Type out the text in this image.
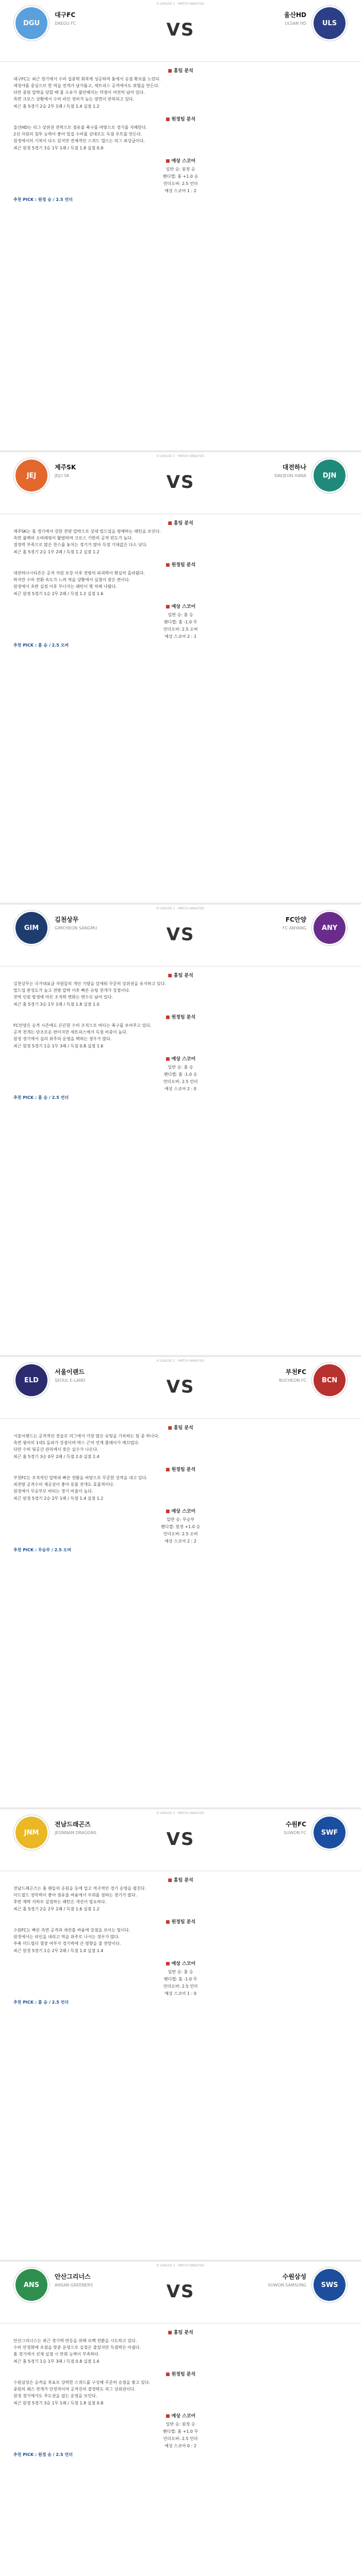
K LEAGUE 1 · MATCH ANALYSIS
DGU
대구FC
DAEGU FC	VS
울산HD
ULSAN HD	ULS
■ 홈팀 분석
대구FC는 최근 경기에서 수비 집중력 회복에 성공하며 홈에서 승점 확보를 노린다.
세징야를 중심으로 한 역습 전개가 날카롭고, 세트피스 공격에서도 위협을 만든다.
다만 중원 압박을 당할 때 볼 소유가 불안해지는 약점이 여전히 남아 있다.
측면 크로스 상황에서 수비 라인 정비가 늦는 장면이 반복되고 있다.
최근 홈 5경기 2승 2무 1패 / 득점 1.4 실점 1.2
■ 원정팀 분석
울산HD는 리그 상위권 전력으로 점유율 축구를 바탕으로 경기를 지배한다.
2선 자원의 침투 능력이 좋아 밀집 수비를 상대로도 득점 루트를 만든다.
원정에서의 기복이 다소 있지만 전체적인 스쿼드 뎁스는 리그 최상급이다.
최근 원정 5경기 3승 1무 1패 / 득점 1.8 실점 0.9
■ 예상 스코어
일반 승: 원정 승
핸디캡: 홈 +1.0 승
언더오버: 2.5 언더
예상 스코어 1 : 2
추천 PICK : 원정 승 / 2.5 언더
K LEAGUE 1 · MATCH ANALYSIS
JEJ
제주SK
JEJU SK	VS
대전하나
DAEJEON HANA	DJN
■ 홈팀 분석
제주SK는 홈 경기에서 강한 전방 압박으로 상대 빌드업을 방해하는 패턴을 보인다.
측면 풀백의 오버래핑이 활발하며 크로스 기반의 공격 빈도가 높다.
결정력 부족으로 많은 찬스를 놓치는 경기가 많아 득점 기대값은 다소 낮다.
최근 홈 5경기 2승 1무 2패 / 득점 1.2 실점 1.2
■ 원정팀 분석
대전하나시티즌은 공격 자원 보강 이후 전방의 파괴력이 확실히 올라왔다.
하지만 수비 전환 속도가 느려 역습 상황에서 실점이 잦은 편이다.
원정에서 초반 실점 이후 무너지는 패턴이 몇 차례 나왔다.
최근 원정 5경기 1승 2무 2패 / 득점 1.2 실점 1.6
■ 예상 스코어
일반 승: 홈 승
핸디캡: 홈 -1.0 무
언더오버: 2.5 오버
예상 스코어 2 : 1
추천 PICK : 홈 승 / 2.5 오버
K LEAGUE 1 · MATCH ANALYSIS
GIM
김천상무
GIMCHEON SANGMU	VS
FC안양
FC ANYANG	ANY
■ 홈팀 분석
김천상무는 국가대표급 자원들의 개인 기량을 앞세워 꾸준히 상위권을 유지하고 있다.
빌드업 완성도가 높고 전방 압박 이후 빠른 슈팅 전개가 강점이다.
전역 인원 발생에 따른 조직력 변화는 변수로 남아 있다.
최근 홈 5경기 3승 1무 1패 / 득점 1.8 실점 1.0
■ 원정팀 분석
FC안양은 승격 시즌에도 끈끈한 수비 조직으로 버티는 축구를 보여주고 있다.
공격 전개는 단조로운 편이지만 세트피스에서 득점 비중이 높다.
원정 경기에서 실리 위주의 운영을 택하는 경우가 많다.
최근 원정 5경기 1승 1무 3패 / 득점 0.8 실점 1.6
■ 예상 스코어
일반 승: 홈 승
핸디캡: 홈 -1.0 승
언더오버: 2.5 언더
예상 스코어 2 : 0
추천 PICK : 홈 승 / 2.5 언더
K LEAGUE 2 · MATCH ANALYSIS
ELD
서울이랜드
SEOUL E-LAND	VS
부천FC
BUCHEON FC	BCN
■ 홈팀 분석
서울이랜드는 공격적인 전술로 리그에서 가장 많은 슈팅을 기록하는 팀 중 하나다.
측면 윙어의 1대1 돌파가 강점이며 박스 근처 연계 플레이가 매끄럽다.
다만 수비 뒷공간 관리에서 잦은 실수가 나온다.
최근 홈 5경기 3승 0무 2패 / 득점 2.0 실점 1.4
■ 원정팀 분석
부천FC는 조직적인 압박과 빠른 전환을 바탕으로 꾸준한 성적을 내고 있다.
최전방 공격수의 제공권이 좋아 롱볼 전개도 효율적이다.
원정에서 무승부로 버티는 경기 비율이 높다.
최근 원정 5경기 2승 2무 1패 / 득점 1.4 실점 1.2
■ 예상 스코어
일반 승: 무승부
핸디캡: 원정 +1.0 승
언더오버: 2.5 오버
예상 스코어 2 : 2
추천 PICK : 무승부 / 2.5 오버
K LEAGUE 2 · MATCH ANALYSIS
JNM
전남드래곤즈
JEONNAM DRAGONS	VS
수원FC
SUWON FC	SWF
■ 홈팀 분석
전남드래곤즈는 홈 팬들의 응원을 등에 업고 적극적인 경기 운영을 펼친다.
미드필드 장악력이 좋아 점유율 싸움에서 우위를 점하는 경기가 많다.
후반 체력 저하로 실점하는 패턴은 개선이 필요하다.
최근 홈 5경기 2승 2무 1패 / 득점 1.6 실점 1.2
■ 원정팀 분석
수원FC는 빠른 측면 공격과 세컨볼 싸움에 강점을 보이는 팀이다.
원정에서는 라인을 내리고 역습 위주로 나서는 경우가 많다.
주축 미드필더 결장 여부가 경기력에 큰 영향을 줄 전망이다.
최근 원정 5경기 1승 2무 2패 / 득점 1.0 실점 1.4
■ 예상 스코어
일반 승: 홈 승
핸디캡: 홈 -1.0 무
언더오버: 2.5 언더
예상 스코어 1 : 0
추천 PICK : 홈 승 / 2.5 언더
K LEAGUE 2 · MATCH ANALYSIS
ANS
안산그리너스
ANSAN GREENERS	VS
수원삼성
SUWON SAMSUNG	SWS
■ 홈팀 분석
안산그리너스는 최근 경기력 반등을 위해 포백 전환을 시도하고 있다.
수비 안정화에 초점을 맞춘 운영으로 실점은 줄었지만 득점력은 아쉽다.
홈 경기에서 선제 실점 시 만회 능력이 부족하다.
최근 홈 5경기 1승 1무 3패 / 득점 0.8 실점 1.6
■ 원정팀 분석
수원삼성은 승격을 목표로 강력한 스쿼드를 구성해 꾸준히 승점을 쌓고 있다.
중원의 패스 전개가 안정적이며 공격진의 결정력도 리그 상위권이다.
원정 경기에서도 주도권을 잡는 운영을 보인다.
최근 원정 5경기 3승 1무 1패 / 득점 1.8 실점 0.8
■ 예상 스코어
일반 승: 원정 승
핸디캡: 홈 +1.0 무
언더오버: 2.5 언더
예상 스코어 0 : 2
추천 PICK : 원정 승 / 2.5 언더
